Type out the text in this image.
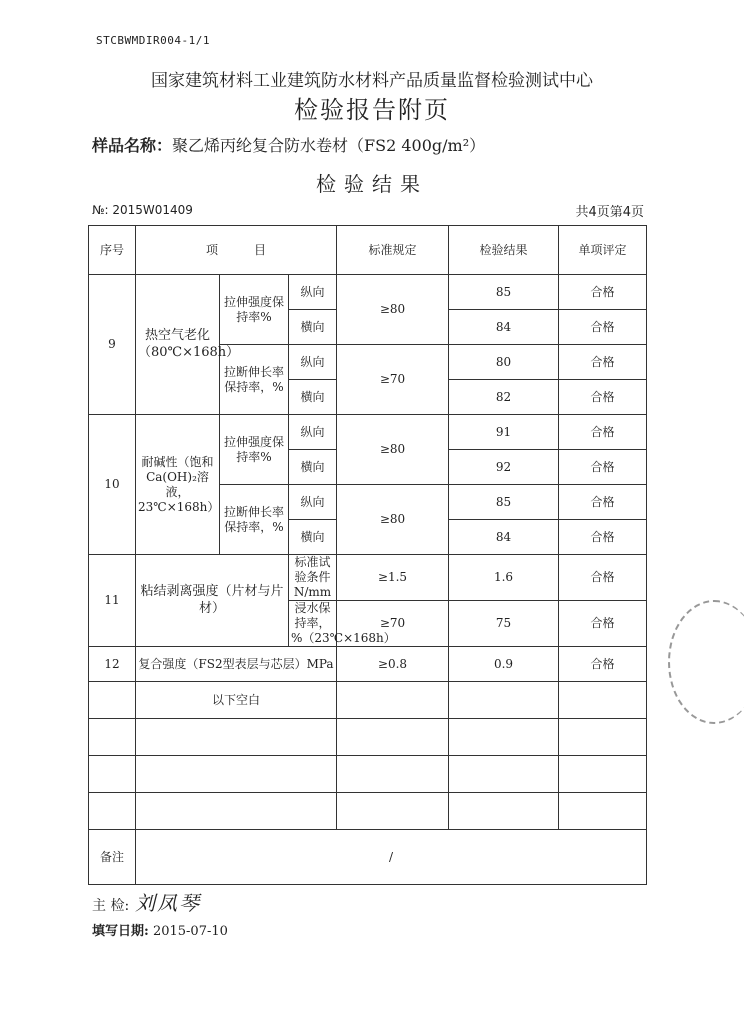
STCBWMDIR004-1/1
国家建筑材料工业建筑防水材料产品质量监督检验测试中心
检验报告附页
样品名称：聚乙烯丙纶复合防水卷材（FS2 400g/m²）
检验结果
№: 2015W01409	共4页第4页
序号	项　　　目			标准规定	检验结果	单项评定
9	热空气老化（80℃×168h）	拉伸强度保持率%	纵向	≥80	85	合格
			横向		84	合格
		拉断伸长率保持率，%	纵向	≥70	80	合格
			横向		82	合格
10	耐碱性（饱和Ca(OH)₂溶液，23℃×168h）	拉伸强度保持率%	纵向	≥80	91	合格
			横向		92	合格
		拉断伸长率保持率，%	纵向	≥80	85	合格
			横向		84	合格
11	粘结剥离强度（片材与片材）		标准试验条件 N/mm	≥1.5	1.6	合格
			浸水保持率，%（23℃×168h）	≥70	75	合格
12	复合强度（FS2型表层与芯层）MPa			≥0.8	0.9	合格
	以下空白					

备注	/					
主 检: 刘凤琴
填写日期: 2015-07-10
